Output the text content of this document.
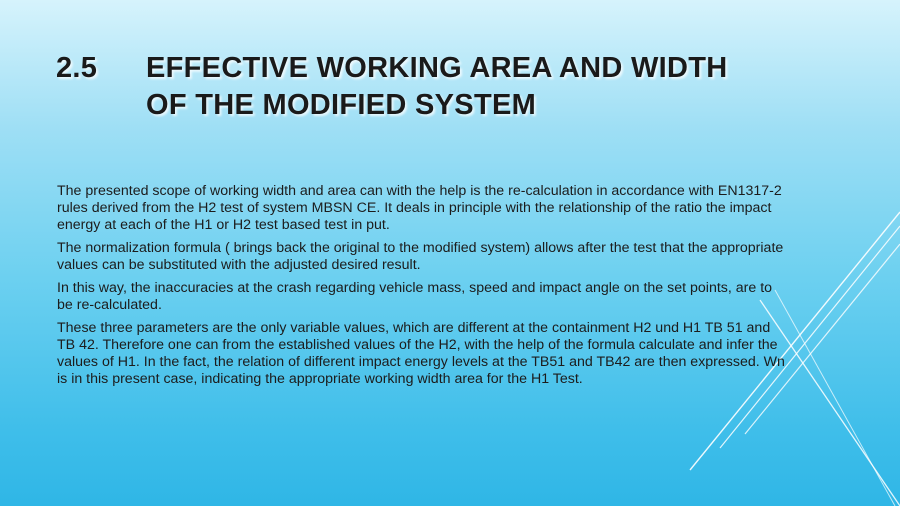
2.5	EFFECTIVE WORKING AREA AND WIDTH OF THE MODIFIED SYSTEM

The presented scope of working width and area can with the help is the re-calculation in accordance with EN1317-2 rules derived from the H2 test of system MBSN CE. It deals in principle with the relationship of the ratio the impact energy at each of the H1 or H2 test based test in put.

The normalization formula ( brings back the original to the modified system) allows after the test that the appropriate values can be substituted with the adjusted desired result.

In this way, the inaccuracies at the crash regarding vehicle mass, speed and impact angle on the set points, are to be re-calculated.

These three parameters are the only variable values, which are different at the containment H2 und H1 TB 51 and TB 42. Therefore one can from the established values of the H2, with the help of the formula calculate and infer the values of H1. In the fact, the relation of different impact energy levels at the TB51 and TB42 are then expressed. Wn is in this present case, indicating the appropriate working width area for the H1 Test.
